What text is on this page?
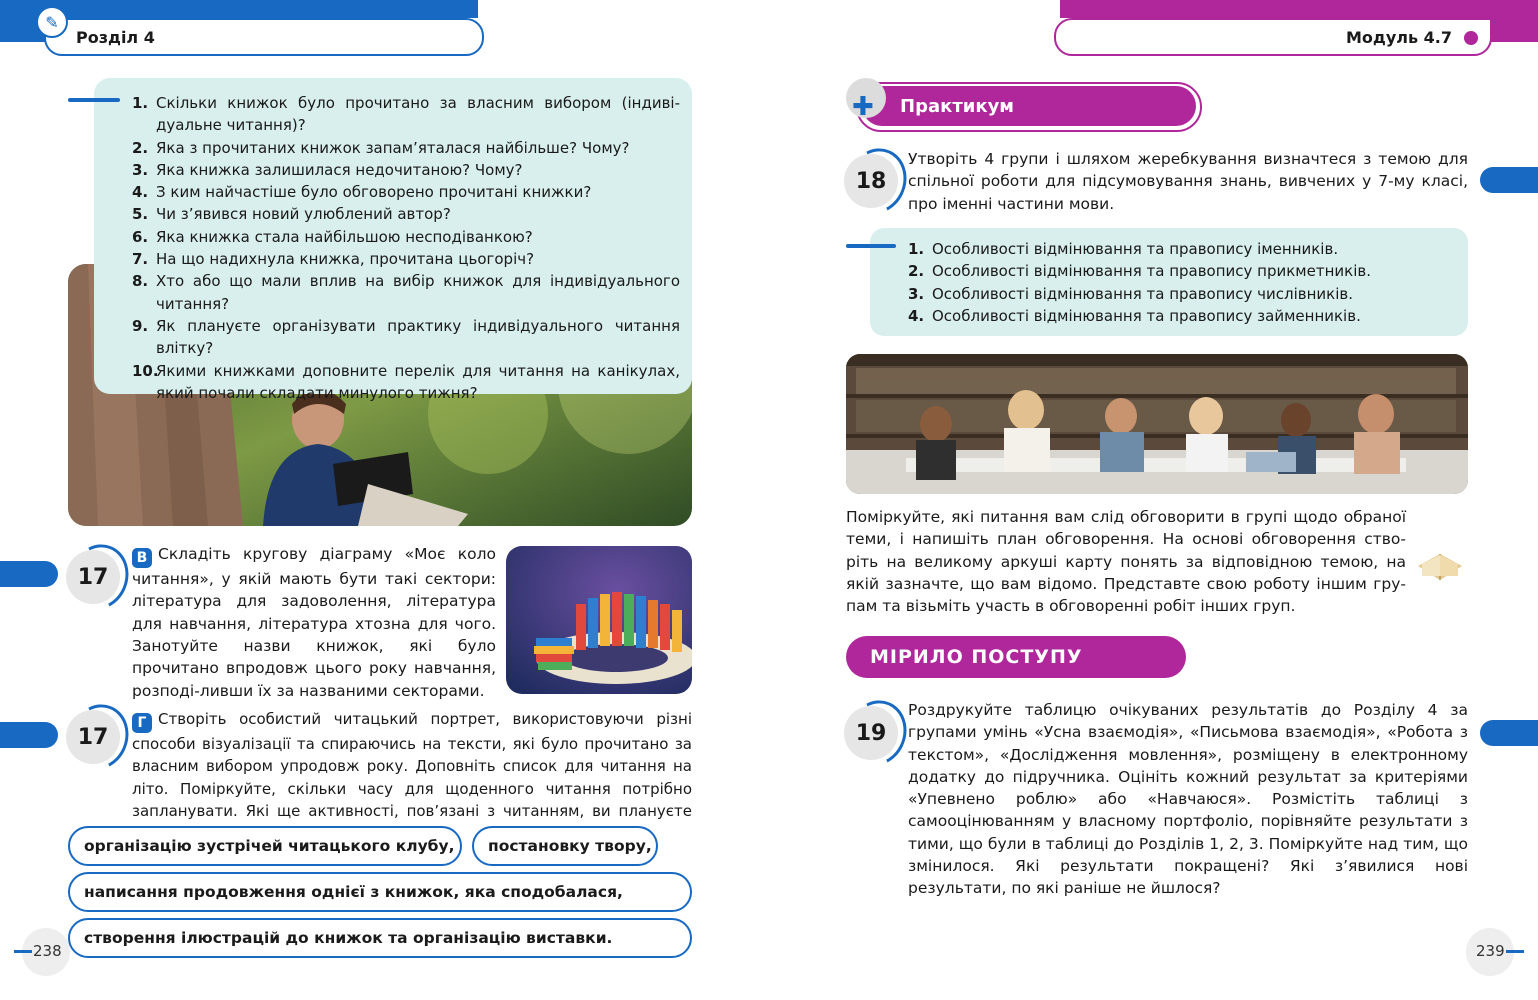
Розділ 4
✎
Модуль 4.7
1. Скільки книжок було прочитано за власним вибором (індиві-дуальне читання)?
2. Яка з прочитаних книжок запам’яталася найбільше? Чому?
3. Яка книжка залишилася недочитаною? Чому?
4. З ким найчастіше було обговорено прочитані книжки?
5. Чи з’явився новий улюблений автор?
6. Яка книжка стала найбільшою несподіванкою?
7. На що надихнула книжка, прочитана цьогоріч?
8. Хто або що мали вплив на вибір книжок для індивідуального читання?
9. Як плануєте організувати практику індивідуального читання влітку?
10.
Якими книжками доповните перелік для читання на канікулах, який почали складати минулого тижня?
17
В Складіть кругову діаграму «Моє коло читання», у якій мають бути такі сектори: література для задоволення, література для навчання, література хтозна для чого. Занотуйте назви книжок, які було прочитано впродовж цього року навчання, розподі-ливши їх за названими секторами.
17
Г Створіть особистий читацький портрет, використовуючи різні способи візуалізації та спираючись на тексти, які було прочитано за власним вибором упродовж року. Доповніть список для читання на літо. Поміркуйте, скільки часу для щоденного читання потрібно запланувати. Які ще активності, пов’язані з читанням, ви плануєте
організацію зустрічей читацького клубу,	постановку твору,
написання продовження однієї з книжок, яка сподобалася,
створення ілюстрацій до книжок та організацію виставки.
238
Практикум
✚
18
Утворіть 4 групи і шляхом жеребкування визначтеся з темою для спільної роботи для підсумовування знань, вивчених у 7-му класі, про іменні частини мови.
1. Особливості відмінювання та правопису іменників.
2. Особливості відмінювання та правопису прикметників.
3. Особливості відмінювання та правопису числівників.
4. Особливості відмінювання та правопису займенників.
Поміркуйте, які питання вам слід обговорити в групі щодо обраної теми, і напишіть план обговорення. На основі обговорення ство-ріть на великому аркуші карту понять за відповідною темою, на якій зазначте, що вам відомо. Представте свою роботу іншим гру-пам та візьміть участь в обговоренні робіт інших груп.
МІРИЛО ПОСТУПУ
19
Роздрукуйте таблицю очікуваних результатів до Розділу 4 за групами умінь «Усна взаємодія», «Письмова взаємодія», «Робота з текстом», «Дослідження мовлення», розміщену в електронному додатку до підручника. Оцініть кожний результат за критеріями «Упевнено роблю» або «Навчаюся». Розмістіть таблиці з самооцінюванням у власному портфоліо, порівняйте результати з тими, що були в таблиці до Розділів 1, 2, 3. Поміркуйте над тим, що змінилося. Які результати покращені? Які з’явилися нові результати, по які раніше не йшлося?
239
